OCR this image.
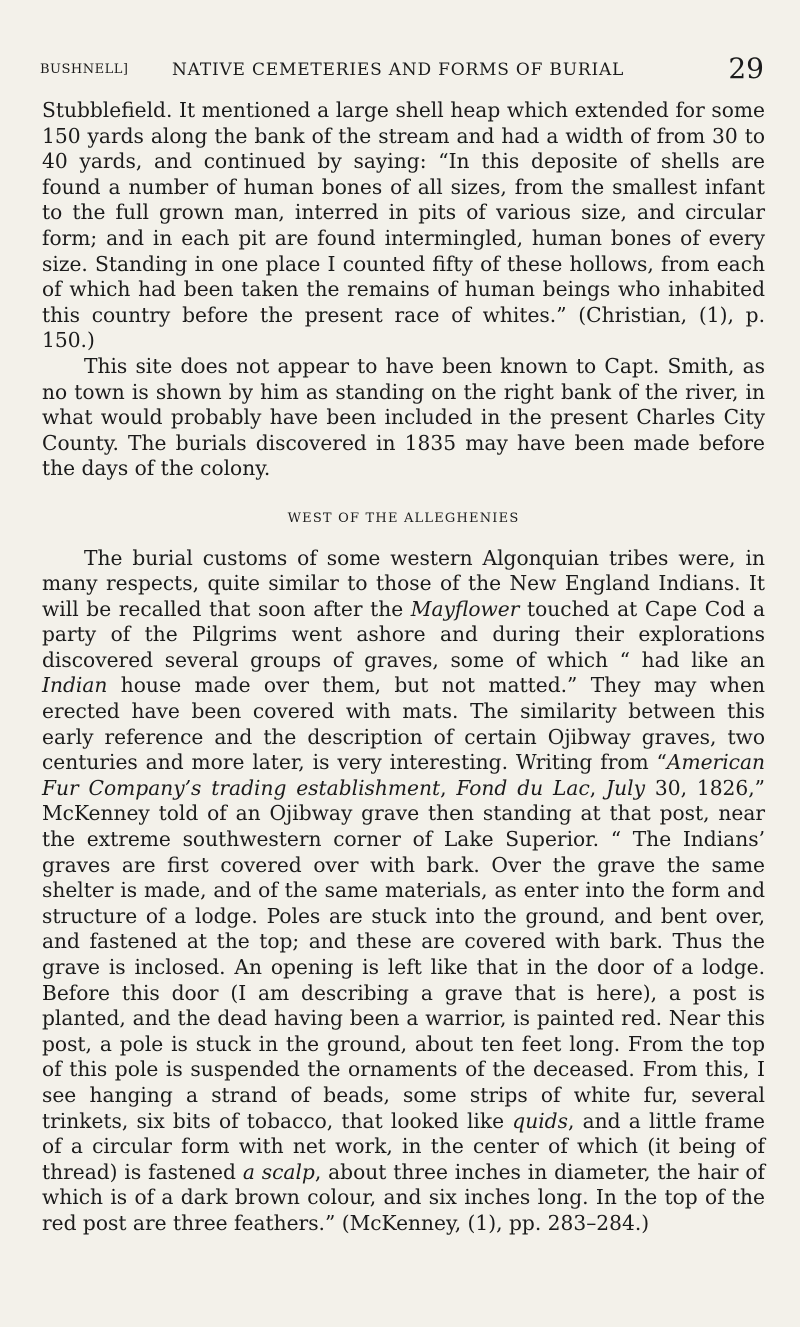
BUSHNELL]	NATIVE CEMETERIES AND FORMS OF BURIAL	29

Stubblefield. It mentioned a large shell heap which extended for some 150 yards along the bank of the stream and had a width of from 30 to 40 yards, and continued by saying: “In this deposite of shells are found a number of human bones of all sizes, from the smallest infant to the full grown man, interred in pits of various size, and circular form; and in each pit are found intermingled, human bones of every size. Standing in one place I counted fifty of these hollows, from each of which had been taken the remains of human beings who inhabited this country before the present race of whites.” (Christian, (1), p. 150.)

This site does not appear to have been known to Capt. Smith, as no town is shown by him as standing on the right bank of the river, in what would probably have been included in the present Charles City County. The burials discovered in 1835 may have been made before the days of the colony.

WEST OF THE ALLEGHENIES

The burial customs of some western Algonquian tribes were, in many respects, quite similar to those of the New England Indians. It will be recalled that soon after the Mayflower touched at Cape Cod a party of the Pilgrims went ashore and during their explorations discovered several groups of graves, some of which “ had like an Indian house made over them, but not matted.” They may when erected have been covered with mats. The similarity between this early reference and the description of certain Ojibway graves, two centuries and more later, is very interesting. Writing from “American Fur Company’s trading establishment, Fond du Lac, July 30, 1826,” McKenney told of an Ojibway grave then standing at that post, near the extreme southwestern corner of Lake Superior. “ The Indians’ graves are first covered over with bark. Over the grave the same shelter is made, and of the same materials, as enter into the form and structure of a lodge. Poles are stuck into the ground, and bent over, and fastened at the top; and these are covered with bark. Thus the grave is inclosed. An opening is left like that in the door of a lodge. Before this door (I am describing a grave that is here), a post is planted, and the dead having been a warrior, is painted red. Near this post, a pole is stuck in the ground, about ten feet long. From the top of this pole is suspended the ornaments of the deceased. From this, I see hanging a strand of beads, some strips of white fur, several trinkets, six bits of tobacco, that looked like quids, and a little frame of a circular form with net work, in the center of which (it being of thread) is fastened a scalp, about three inches in diameter, the hair of which is of a dark brown colour, and six inches long. In the top of the red post are three feathers.” (McKenney, (1), pp. 283–284.)
